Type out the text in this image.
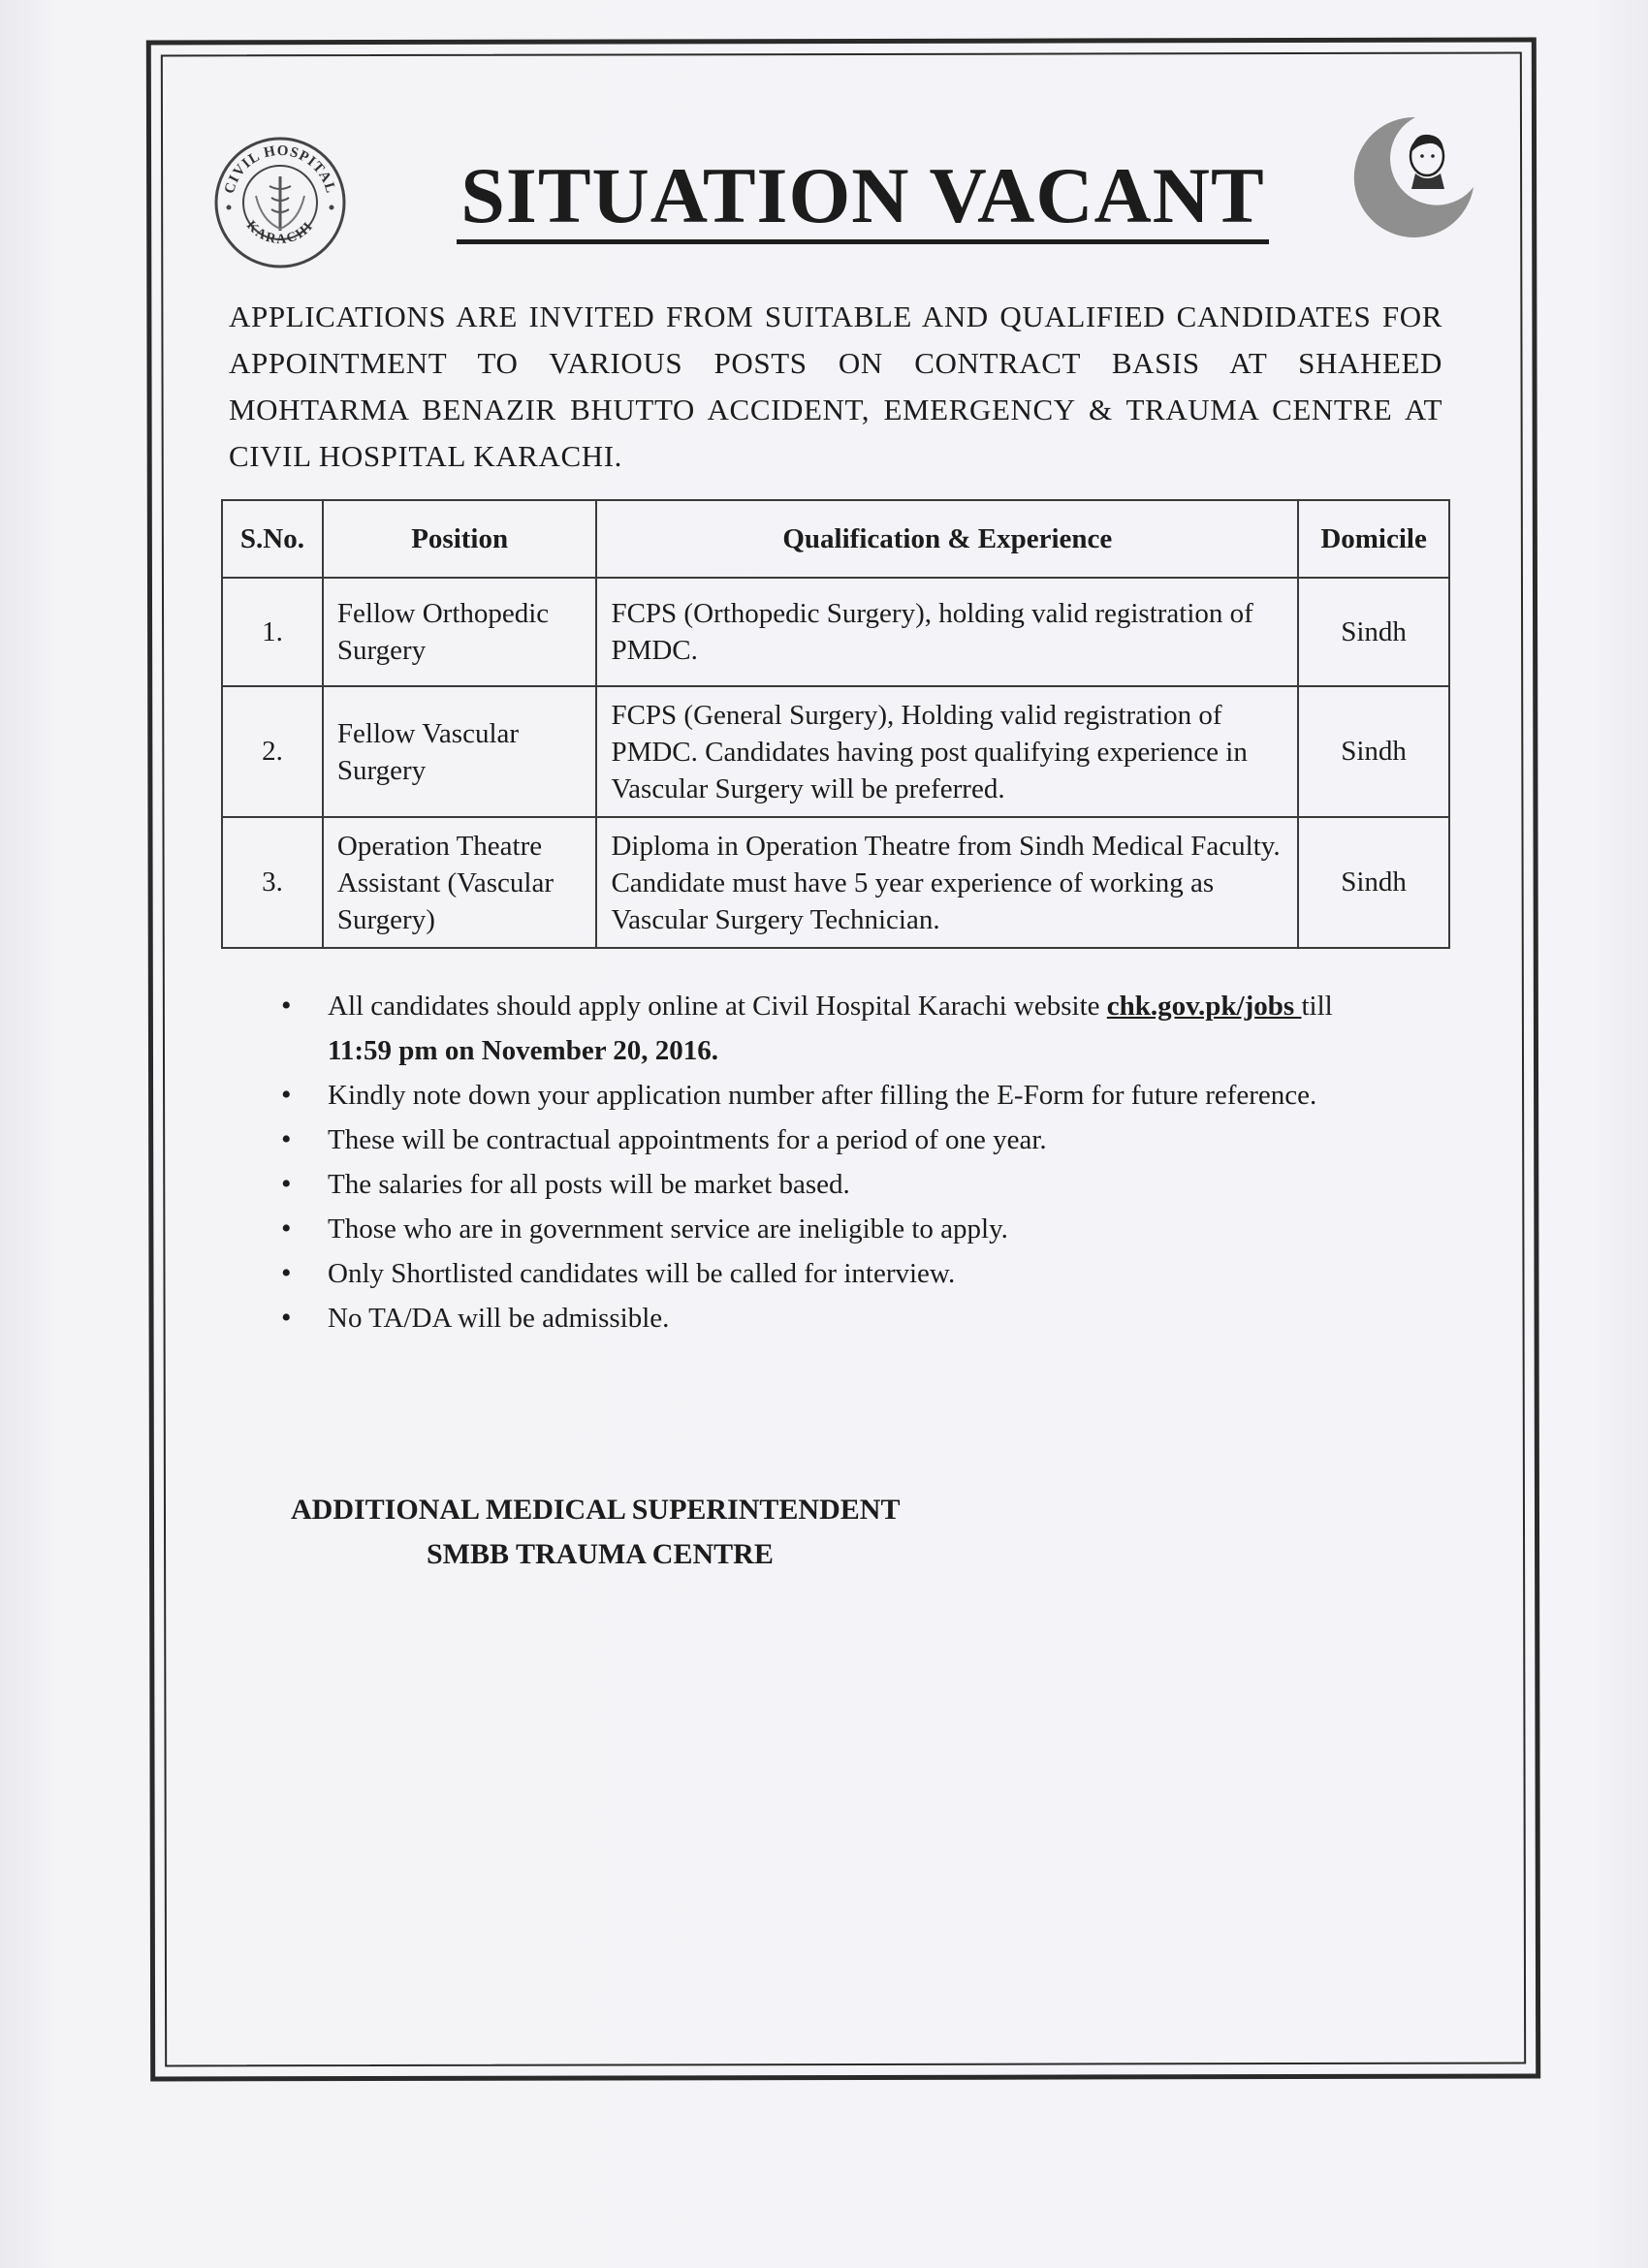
CIVIL HOSPITAL
KARACHI	SITUATION VACANT
APPLICATIONS ARE INVITED FROM SUITABLE AND QUALIFIED CANDIDATES FOR APPOINTMENT TO VARIOUS POSTS ON CONTRACT BASIS AT SHAHEED MOHTARMA BENAZIR BHUTTO ACCIDENT, EMERGENCY & TRAUMA CENTRE AT
CIVIL HOSPITAL KARACHI.
S.No.	Position	Qualification & Experience	Domicile
1.	Fellow Orthopedic Surgery	FCPS (Orthopedic Surgery), holding valid registration of PMDC.	Sindh
2.	Fellow Vascular Surgery	FCPS (General Surgery), Holding valid registration of PMDC. Candidates having post qualifying experience in Vascular Surgery will be preferred.	Sindh
3.	Operation Theatre Assistant (Vascular Surgery)	Diploma in Operation Theatre from Sindh Medical Faculty. Candidate must have 5 year experience of working as Vascular Surgery Technician.	Sindh
• All candidates should apply online at Civil Hospital Karachi website chk.gov.pk/jobs till
11:59 pm on November 20, 2016.
• Kindly note down your application number after filling the E-Form for future reference.
• These will be contractual appointments for a period of one year.
• The salaries for all posts will be market based.
• Those who are in government service are ineligible to apply.
• Only Shortlisted candidates will be called for interview.
• No TA/DA will be admissible.
ADDITIONAL MEDICAL SUPERINTENDENT
SMBB TRAUMA CENTRE
